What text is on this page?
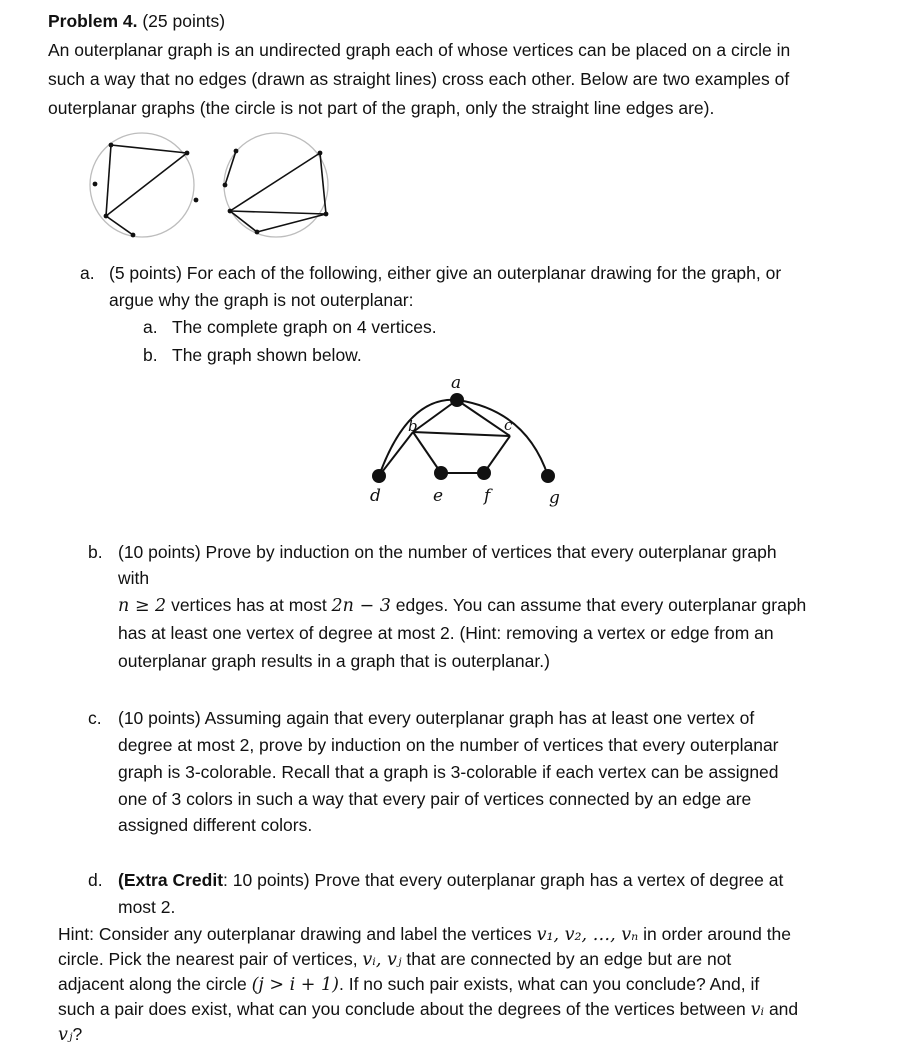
Problem 4. (25 points)
An outerplanar graph is an undirected graph each of whose vertices can be placed on a circle in
such a way that no edges (drawn as straight lines) cross each other. Below are two examples of
outerplanar graphs (the circle is not part of the graph, only the straight line edges are).
a. (5 points) For each of the following, either give an outerplanar drawing for the graph, or
argue why the graph is not outerplanar:
a. The complete graph on 4 vertices.
b. The graph shown below.
a
b	c
d	e f	g
b. (10 points) Prove by induction on the number of vertices that every outerplanar graph
with
n ≥ 2 vertices has at most 2n − 3 edges. You can assume that every outerplanar graph
has at least one vertex of degree at most 2. (Hint: removing a vertex or edge from an
outerplanar graph results in a graph that is outerplanar.)
c. (10 points) Assuming again that every outerplanar graph has at least one vertex of
degree at most 2, prove by induction on the number of vertices that every outerplanar
graph is 3-colorable. Recall that a graph is 3-colorable if each vertex can be assigned
one of 3 colors in such a way that every pair of vertices connected by an edge are
assigned different colors.
d. (Extra Credit: 10 points) Prove that every outerplanar graph has a vertex of degree at
most 2.
Hint: Consider any outerplanar drawing and label the vertices v₁, v₂, …, vₙ in order around the
circle. Pick the nearest pair of vertices, vᵢ, vⱼ that are connected by an edge but are not
adjacent along the circle (j > i + 1). If no such pair exists, what can you conclude? And, if
such a pair does exist, what can you conclude about the degrees of the vertices between vᵢ and
vⱼ?
